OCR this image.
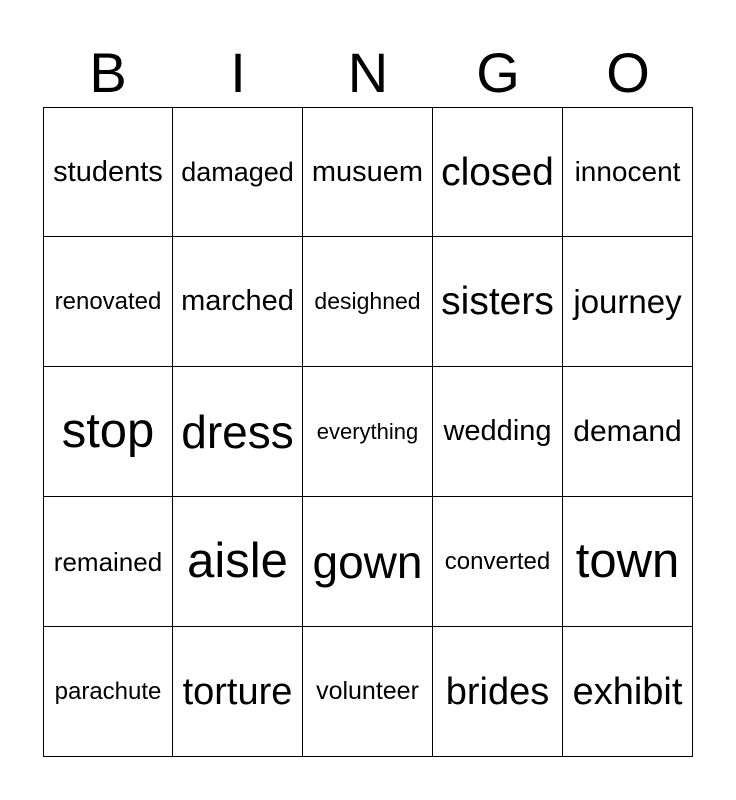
B	I	N	G	O
students damaged musuem closed innocent
renovated marched desighned sisters journey
stop dress	everything wedding demand
remained aisle gown converted town
parachute torture volunteer brides exhibit
